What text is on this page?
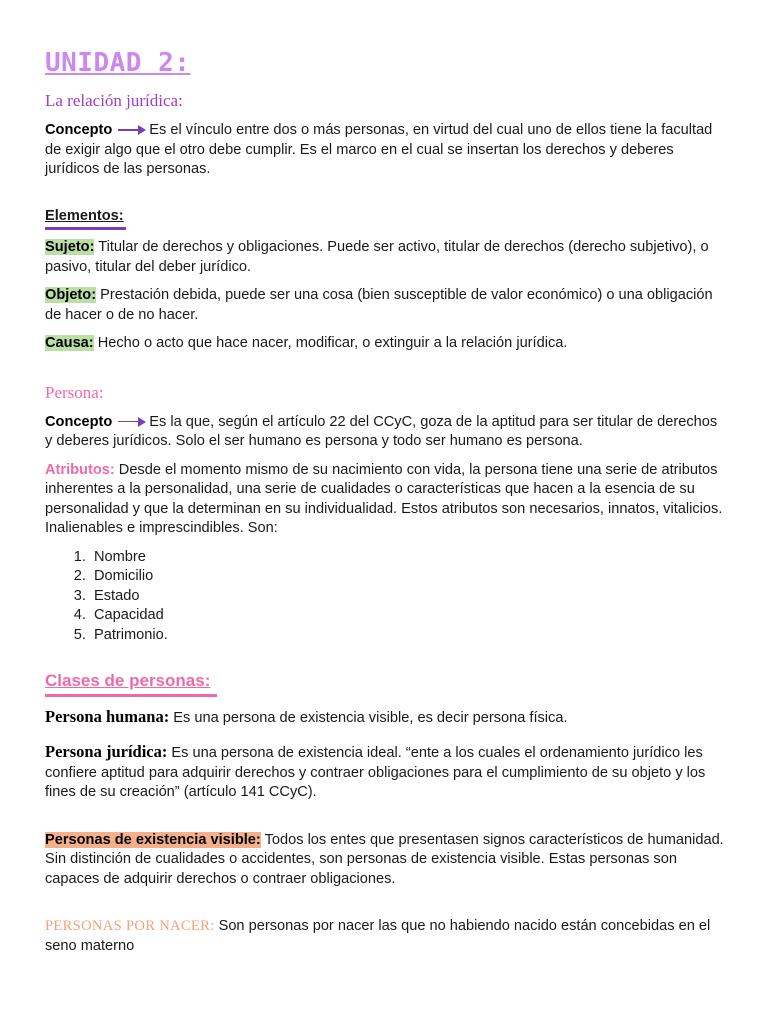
UNIDAD 2:
La relación jurídica:

Concepto	Es el vínculo entre dos o más personas, en virtud del cual uno de ellos tiene la facultad de exigir algo que el otro debe cumplir. Es el marco en el cual se insertan los derechos y deberes jurídicos de las personas.

Elementos:

Sujeto: Titular de derechos y obligaciones. Puede ser activo, titular de derechos (derecho subjetivo), o pasivo, titular del deber jurídico.

Objeto: Prestación debida, puede ser una cosa (bien susceptible de valor económico) o una obligación de hacer o de no hacer.

Causa: Hecho o acto que hace nacer, modificar, o extinguir a la relación jurídica.

Persona:

Concepto	Es la que, según el artículo 22 del CCyC, goza de la aptitud para ser titular de derechos y deberes jurídicos. Solo el ser humano es persona y todo ser humano es persona.

Atributos: Desde el momento mismo de su nacimiento con vida, la persona tiene una serie de atributos inherentes a la personalidad, una serie de cualidades o características que hacen a la esencia de su personalidad y que la determinan en su individualidad. Estos atributos son necesarios, innatos, vitalicios. Inalienables e imprescindibles. Son:

1. Nombre
2. Domicilio
3. Estado
4. Capacidad
5. Patrimonio.
Clases de personas:

Persona humana: Es una persona de existencia visible, es decir persona física.

Persona jurídica: Es una persona de existencia ideal. “ente a los cuales el ordenamiento jurídico les confiere aptitud para adquirir derechos y contraer obligaciones para el cumplimiento de su objeto y los fines de su creación” (artículo 141 CCyC).

Personas de existencia visible: Todos los entes que presentasen signos característicos de humanidad. Sin distinción de cualidades o accidentes, son personas de existencia visible. Estas personas son capaces de adquirir derechos o contraer obligaciones.

PERSONAS POR NACER: Son personas por nacer las que no habiendo nacido están concebidas en el seno materno
